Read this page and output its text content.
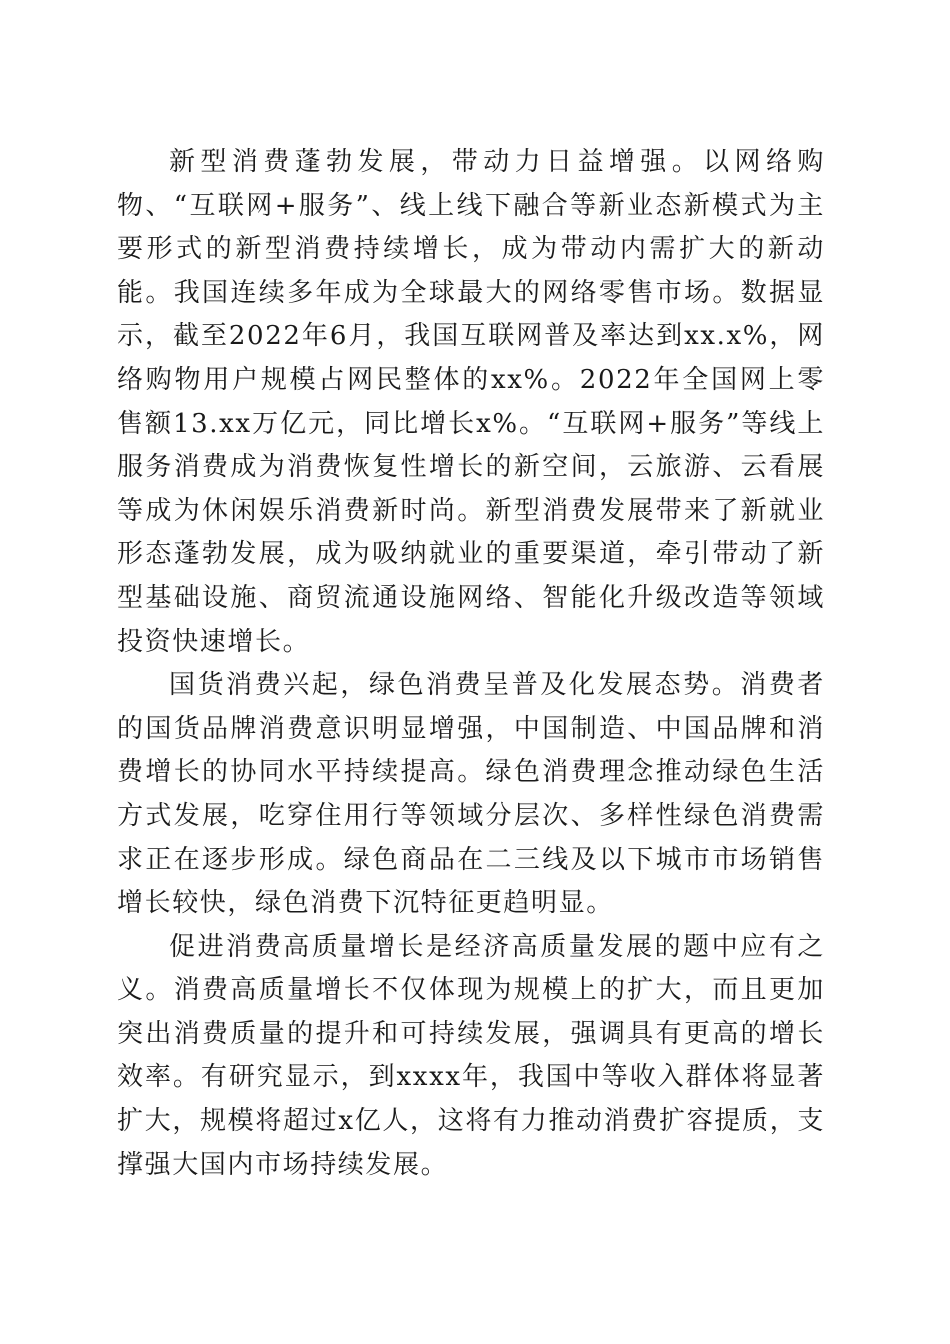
新型消费蓬勃发展，带动力日益增强。以网络购物、“互联网+服务”、线上线下融合等新业态新模式为主要形式的新型消费持续增长，成为带动内需扩大的新动能。我国连续多年成为全球最大的网络零售市场。数据显示，截至2022年6月，我国互联网普及率达到xx.x%，网络购物用户规模占网民整体的xx%。2022年全国网上零售额13.xx万亿元，同比增长x%。“互联网+服务”等线上服务消费成为消费恢复性增长的新空间，云旅游、云看展等成为休闲娱乐消费新时尚。新型消费发展带来了新就业形态蓬勃发展，成为吸纳就业的重要渠道，牵引带动了新型基础设施、商贸流通设施网络、智能化升级改造等领域投资快速增长。

国货消费兴起，绿色消费呈普及化发展态势。消费者的国货品牌消费意识明显增强，中国制造、中国品牌和消费增长的协同水平持续提高。绿色消费理念推动绿色生活方式发展，吃穿住用行等领域分层次、多样性绿色消费需求正在逐步形成。绿色商品在二三线及以下城市市场销售增长较快，绿色消费下沉特征更趋明显。

促进消费高质量增长是经济高质量发展的题中应有之义。消费高质量增长不仅体现为规模上的扩大，而且更加突出消费质量的提升和可持续发展，强调具有更高的增长效率。有研究显示，到xxxx年，我国中等收入群体将显著扩大，规模将超过x亿人，这将有力推动消费扩容提质，支撑强大国内市场持续发展。
